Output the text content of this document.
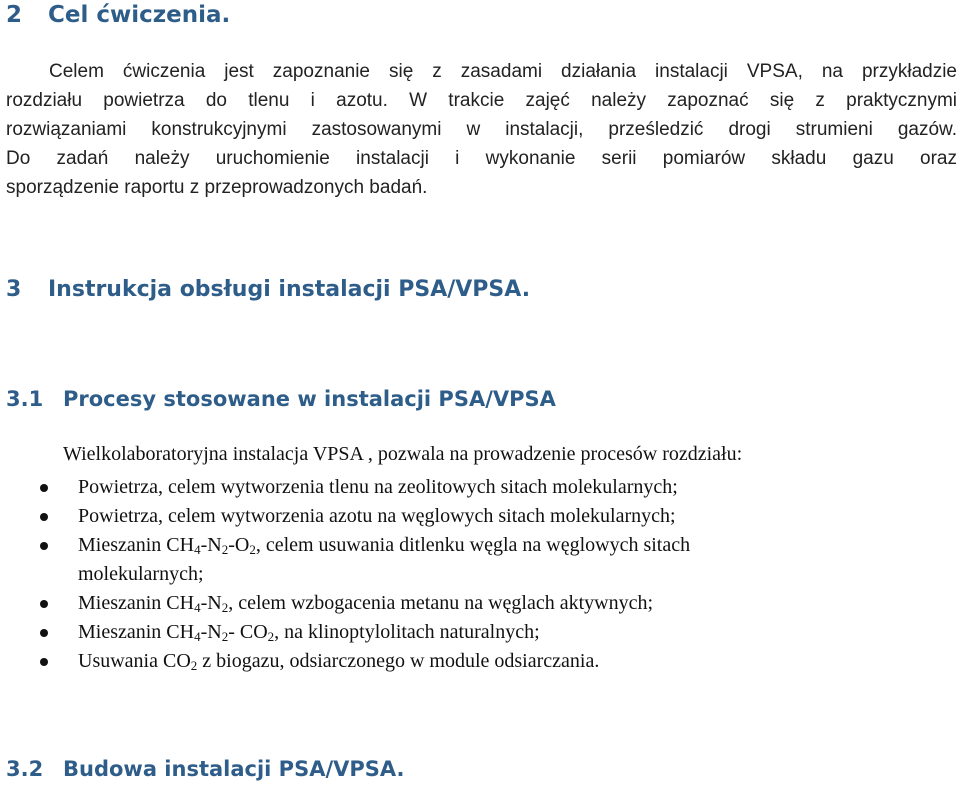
2 Cel ćwiczenia.
Celem ćwiczenia jest zapoznanie się z zasadami działania instalacji VPSA, na przykładzie
rozdziału powietrza do tlenu i azotu. W trakcie zajęć należy zapoznać się z praktycznymi
rozwiązaniami konstrukcyjnymi zastosowanymi w instalacji, prześledzić drogi strumieni gazów.
Do zadań należy uruchomienie instalacji i wykonanie serii pomiarów składu gazu oraz
sporządzenie raportu z przeprowadzonych badań.
3 Instrukcja obsługi instalacji PSA/VPSA.
3.1 Procesy stosowane w instalacji PSA/VPSA

Wielkolaboratoryjna instalacja VPSA , pozwala na prowadzenie procesów rozdziału:

Powietrza, celem wytworzenia tlenu na zeolitowych sitach molekularnych;
Powietrza, celem wytworzenia azotu na węglowych sitach molekularnych;
Mieszanin $CH_4-N_2-O_2$, celem usuwania ditlenku węgla na węglowych sitach
molekularnych;
Mieszanin $CH_4-N_2$, celem wzbogacenia metanu na węglach aktywnych;
Mieszanin $CH_4-N_2-$ $CO_2$, na klinoptylolitach naturalnych;
Usuwania $CO_2$ z biogazu, odsiarczonego w module odsiarczania.
3.2 Budowa instalacji PSA/VPSA.
